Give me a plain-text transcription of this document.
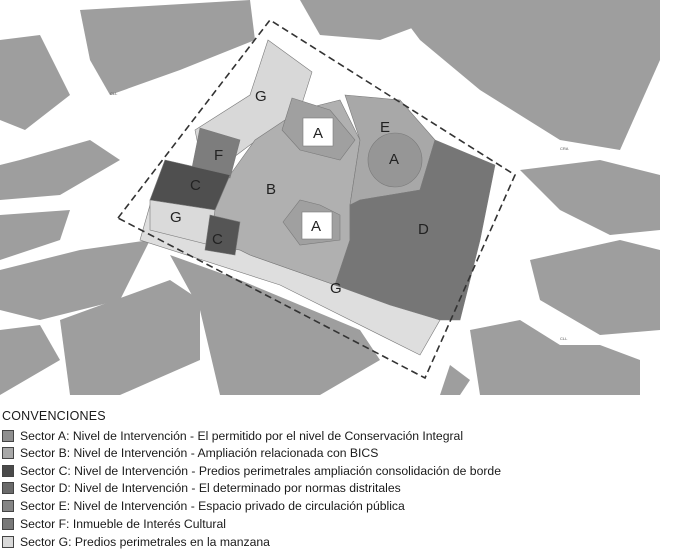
CLL
CRA
CLL
G
A	E
A
F
C	B
G
A	D
C
G
CONVENCIONES
Sector A: Nivel de Intervención - El permitido por el nivel de Conservación Integral
Sector B: Nivel de Intervención - Ampliación relacionada con BICS
Sector C: Nivel de Intervención - Predios perimetrales ampliación consolidación de borde
Sector D: Nivel de Intervención - El determinado por normas distritales
Sector E: Nivel de Intervención - Espacio privado de circulación pública
Sector F: Inmueble de Interés Cultural
Sector G: Predios perimetrales en la manzana
